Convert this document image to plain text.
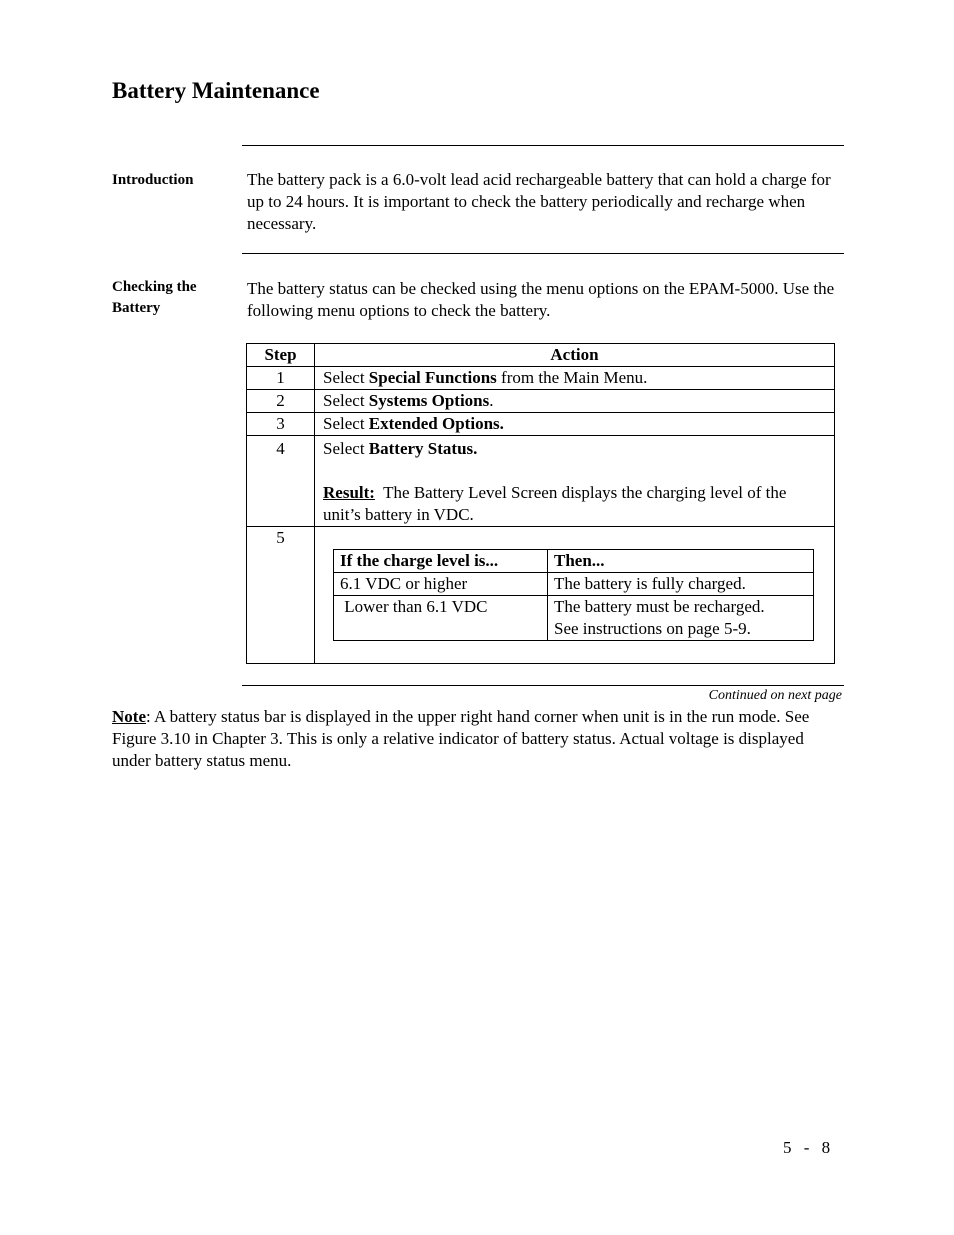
Battery Maintenance
Introduction	The battery pack is a 6.0-volt lead acid rechargeable battery that can hold a charge for up to 24 hours. It is important to check the battery periodically and recharge when necessary.
Checking the
Battery
The battery status can be checked using the menu options on the EPAM-5000. Use the following menu options to check the battery.
Step	Action
1	Select Special Functions from the Main Menu.
2	Select Systems Options.
3	Select Extended Options.
4	Select Battery Status.
Result:  The Battery Level Screen displays the charging level of the unit’s battery in VDC.

5	
If the charge level is...	Then...
6.1 VDC or higher	The battery is fully charged.
Lower than 6.1 VDC	The battery must be recharged.
See instructions on page 5-9.
Continued on next page
Note: A battery status bar is displayed in the upper right hand corner when unit is in the run mode. See Figure 3.10 in Chapter 3. This is only a relative indicator of battery status. Actual voltage is displayed under battery status menu.
5 - 8
